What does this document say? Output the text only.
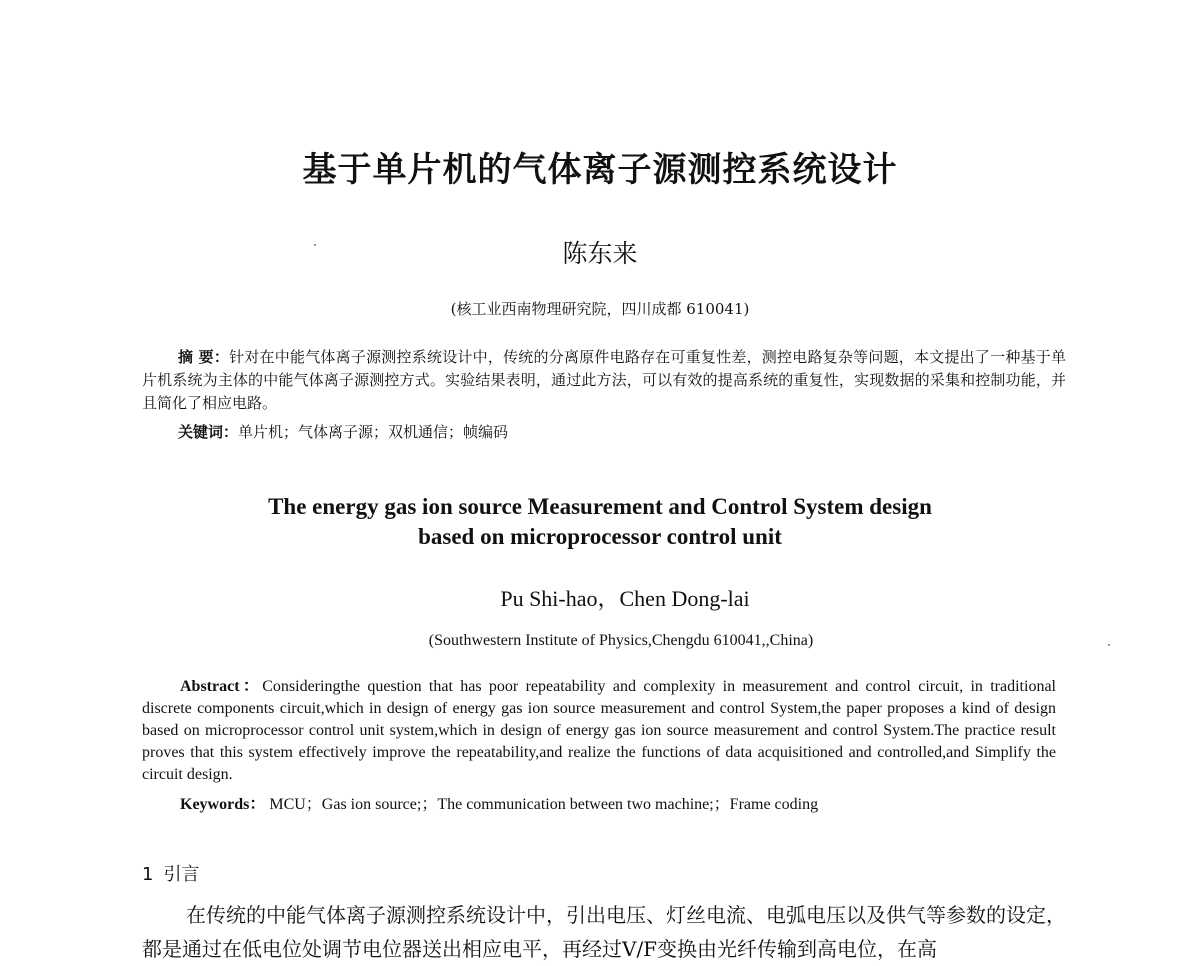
基于单片机的气体离子源测控系统设计
陈东来
(核工业西南物理研究院，四川成都 610041)

摘 要：针对在中能气体离子源测控系统设计中，传统的分离原件电路存在可重复性差，测控电路复杂等问题，本文提出了一种基于单片机系统为主体的中能气体离子源测控方式。实验结果表明，通过此方法，可以有效的提高系统的重复性，实现数据的采集和控制功能，并且简化了相应电路。

关键词：单片机；气体离子源；双机通信；帧编码

The energy gas ion source Measurement and Control System design
based on microprocessor control unit
Pu Shi-hao，Chen Dong-lai
(Southwestern Institute of Physics,Chengdu 610041,,China)

Abstract：Consideringthe question that has poor repeatability and complexity in measurement and control circuit, in traditional discrete components circuit,which in design of energy gas ion source measurement and control System,the paper proposes a kind of design based on microprocessor control unit system,which in design of energy gas ion source measurement and control System.The practice result proves that this system effectively improve the repeatability,and realize the functions of data acquisitioned and controlled,and Simplify the circuit design.

Keywords： MCU；Gas ion source;；The communication between two machine;；Frame coding

1 引言

在传统的中能气体离子源测控系统设计中，引出电压、灯丝电流、电弧电压以及供气等参数的设定，都是通过在低电位处调节电位器送出相应电平，再经过V/F变换由光纤传输到高电位，在高
